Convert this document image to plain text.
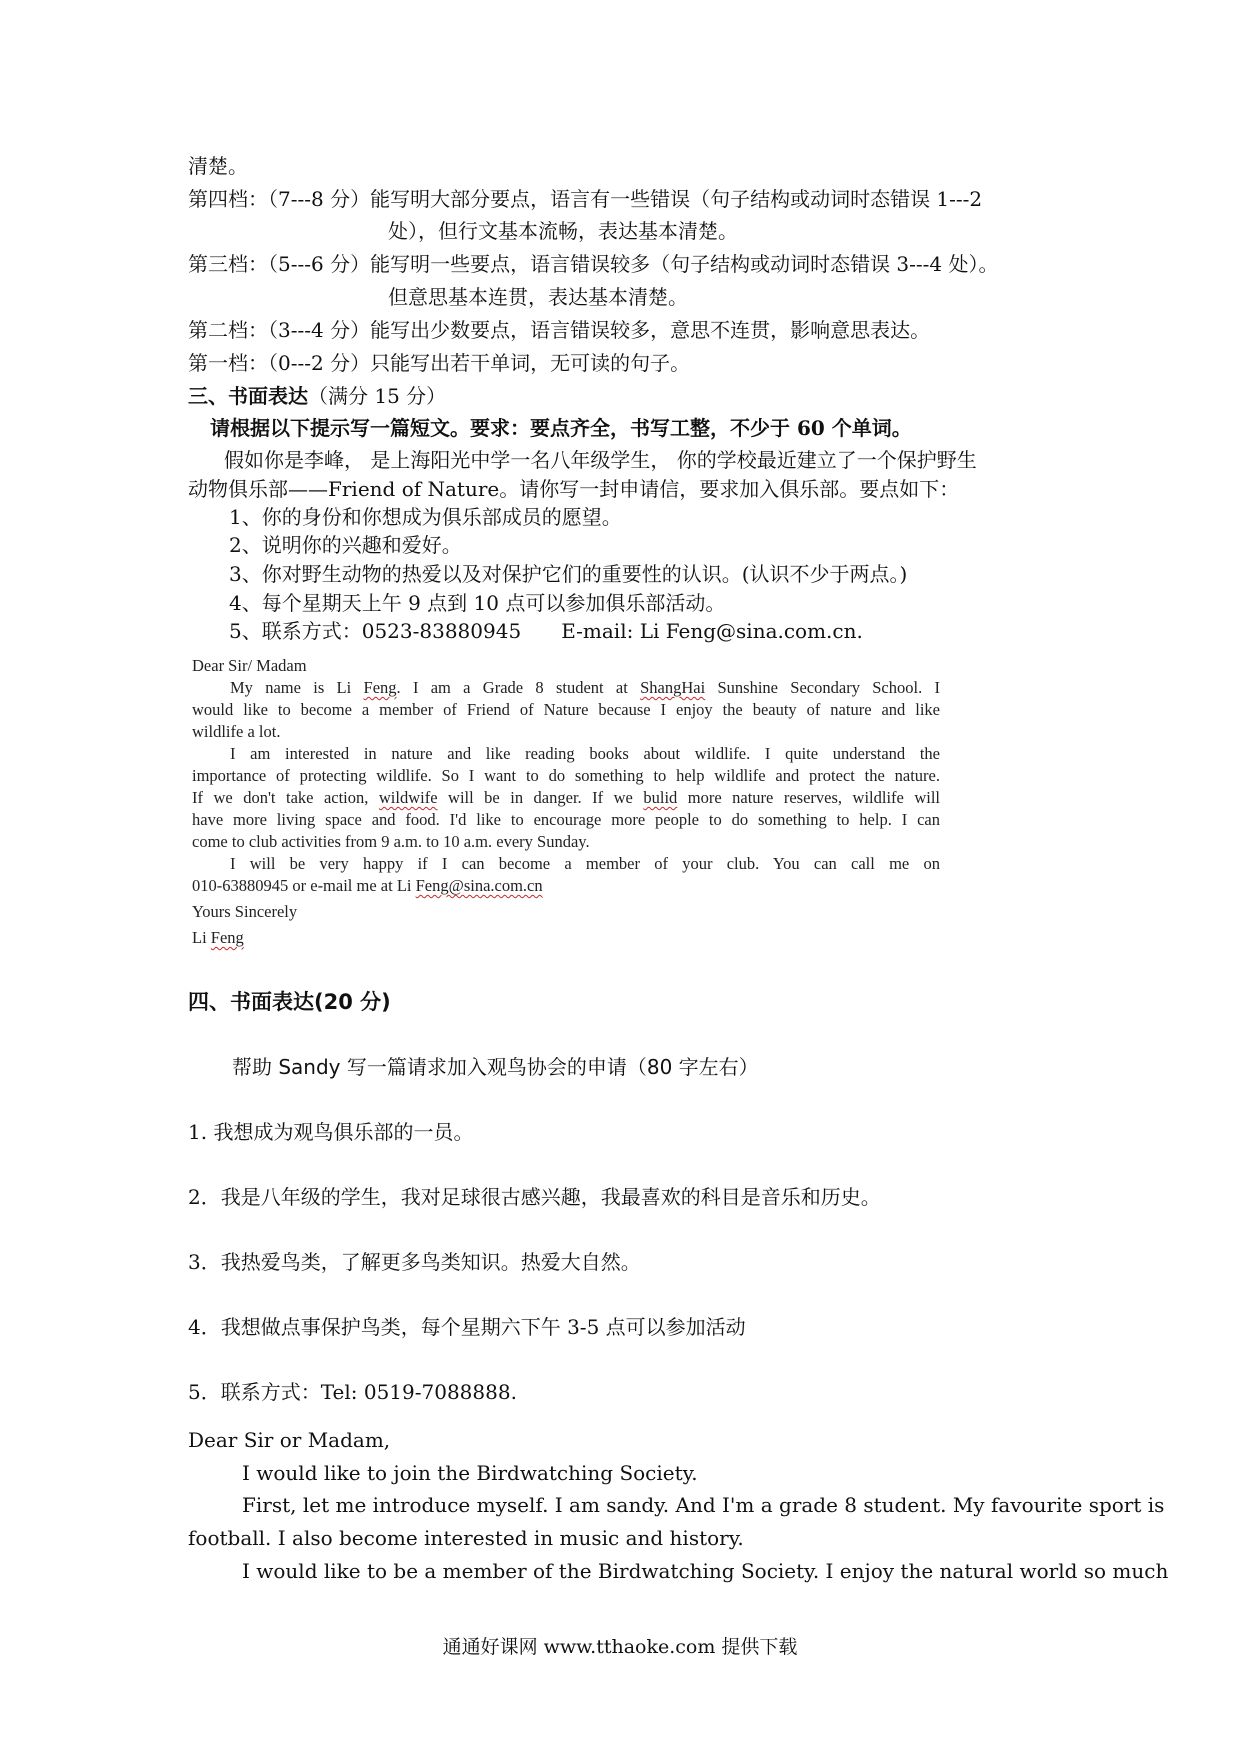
清楚。
第四档：（7---8 分）能写明大部分要点，语言有一些错误（句子结构或动词时态错误 1---2
处），但行文基本流畅，表达基本清楚。
第三档：（5---6 分）能写明一些要点，语言错误较多（句子结构或动词时态错误 3---4 处）。
但意思基本连贯，表达基本清楚。
第二档：（3---4 分）能写出少数要点，语言错误较多，意思不连贯，影响意思表达。
第一档：（0---2 分）只能写出若干单词，无可读的句子。
三、书面表达（满分 15 分）
请根据以下提示写一篇短文。要求：要点齐全，书写工整，不少于 60 个单词。
假如你是李峰， 是上海阳光中学一名八年级学生， 你的学校最近建立了一个保护野生
动物俱乐部——Friend of Nature。请你写一封申请信，要求加入俱乐部。要点如下：
1、你的身份和你想成为俱乐部成员的愿望。
2、说明你的兴趣和爱好。
3、你对野生动物的热爱以及对保护它们的重要性的认识。(认识不少于两点。)
4、每个星期天上午 9 点到 10 点可以参加俱乐部活动。
5、联系方式：0523-83880945 E-mail: Li Feng@sina.com.cn.
Dear Sir/ Madam
My name is Li Feng. I am a Grade 8 student at ShangHai Sunshine Secondary School. I
would like to become a member of Friend of Nature because I enjoy the beauty of nature and like
wildlife a lot.
I am interested in nature and like reading books about wildlife. I quite understand the
importance of protecting wildlife. So I want to do something to help wildlife and protect the nature.
If we don't take action, wildwife will be in danger. If we bulid more nature reserves, wildlife will
have more living space and food. I'd like to encourage more people to do something to help. I can
come to club activities from 9 a.m. to 10 a.m. every Sunday.
I will be very happy if I can become a member of your club. You can call me on
010-63880945 or e-mail me at Li Feng@sina.com.cn
Yours Sincerely
Li Feng
四、书面表达(20 分)
帮助 Sandy 写一篇请求加入观鸟协会的申请（80 字左右）
1. 我想成为观鸟俱乐部的一员。
2．我是八年级的学生，我对足球很古感兴趣，我最喜欢的科目是音乐和历史。
3．我热爱鸟类，了解更多鸟类知识。热爱大自然。
4．我想做点事保护鸟类，每个星期六下午 3-5 点可以参加活动
5．联系方式：Tel: 0519-7088888.
Dear Sir or Madam,
I would like to join the Birdwatching Society.
First, let me introduce myself. I am sandy. And I'm a grade 8 student. My favourite sport is
football. I also become interested in music and history.
I would like to be a member of the Birdwatching Society. I enjoy the natural world so much
通通好课网 www.tthaoke.com 提供下载
